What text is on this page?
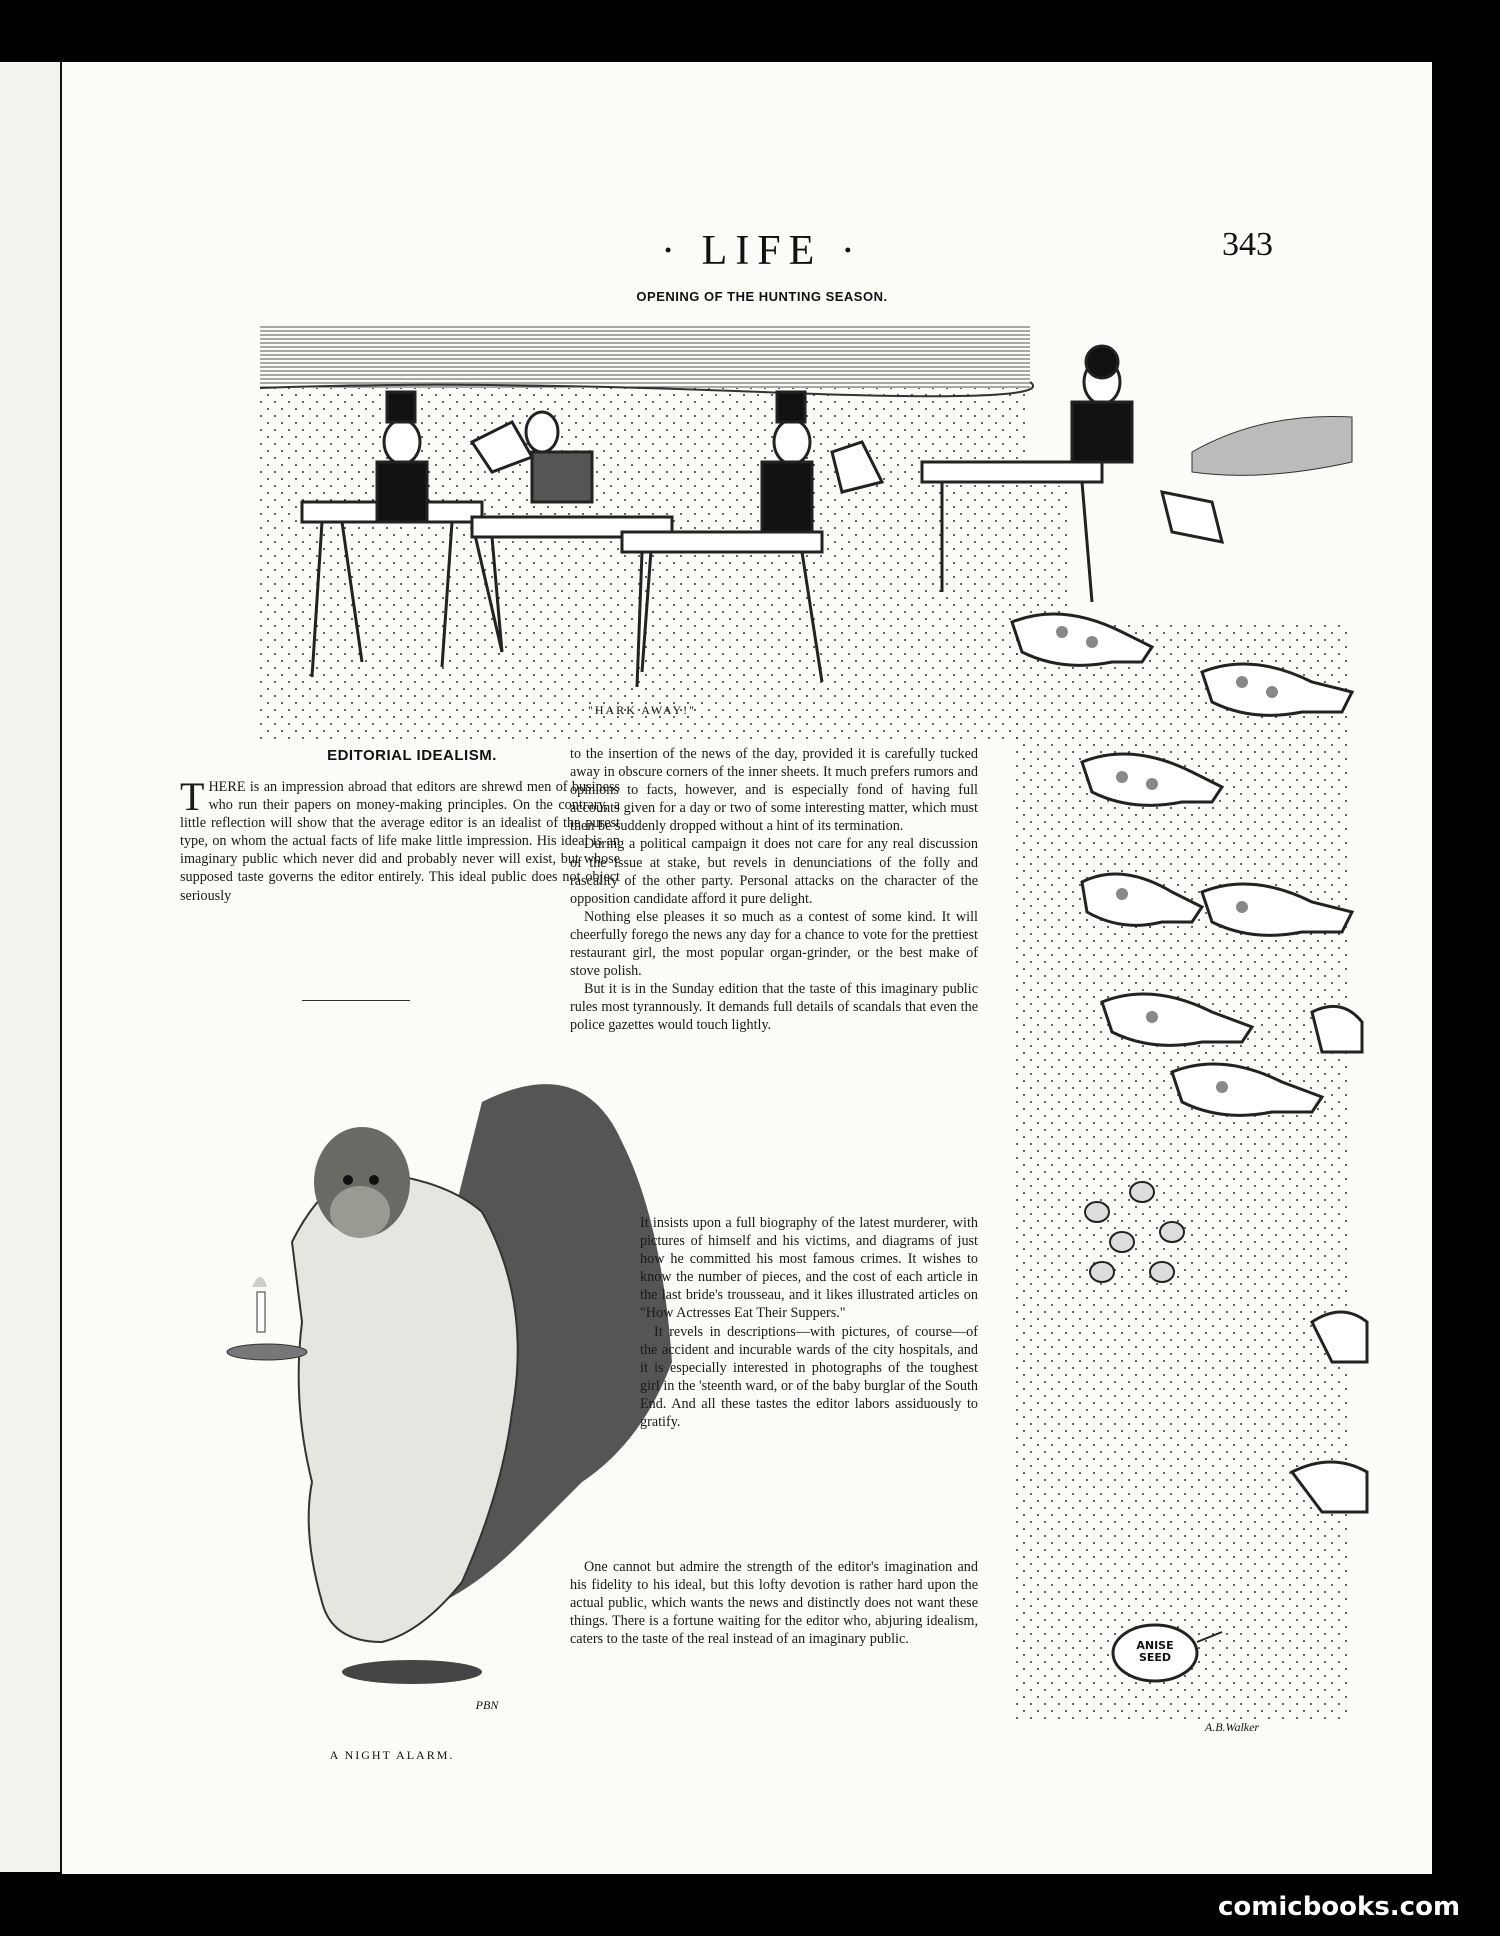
· LIFE ·	343
OPENING OF THE HUNTING SEASON.
"HARK AWAY!"
ANISE
SEED
A.B.Walker
EDITORIAL IDEALISM.

THERE is an impression abroad that editors are shrewd men of business who run their papers on money-making principles. On the contrary, a little reflection will show that the average editor is an idealist of the purest type, on whom the actual facts of life make little impression. His ideal is an imaginary public which never did and probably never will exist, but whose supposed taste governs the editor entirely. This ideal public does not object seriously

PBN
A NIGHT ALARM.

to the insertion of the news of the day, provided it is carefully tucked away in obscure corners of the inner sheets. It much prefers rumors and opinions to facts, however, and is especially fond of having full accounts given for a day or two of some interesting matter, which must then be suddenly dropped without a hint of its termination.

During a political campaign it does not care for any real discussion of the issue at stake, but revels in denunciations of the folly and rascality of the other party. Personal attacks on the character of the opposition candidate afford it pure delight.

Nothing else pleases it so much as a contest of some kind. It will cheerfully forego the news any day for a chance to vote for the prettiest restaurant girl, the most popular organ-grinder, or the best make of stove polish.

But it is in the Sunday edition that the taste of this imaginary public rules most tyrannously. It demands full details of scandals that even the police gazettes would touch lightly.

It insists upon a full biography of the latest murderer, with pictures of himself and his victims, and diagrams of just how he committed his most famous crimes. It wishes to know the number of pieces, and the cost of each article in the last bride's trousseau, and it likes illustrated articles on "How Actresses Eat Their Suppers."

It revels in descriptions—with pictures, of course—of the accident and incurable wards of the city hospitals, and it is especially interested in photographs of the toughest girl in the 'steenth ward, or of the baby burglar of the South End. And all these tastes the editor labors assiduously to gratify.

One cannot but admire the strength of the editor's imagination and his fidelity to his ideal, but this lofty devotion is rather hard upon the actual public, which wants the news and distinctly does not want these things. There is a fortune waiting for the editor who, abjuring idealism, caters to the taste of the real instead of an imaginary public.

comicbooks.com
